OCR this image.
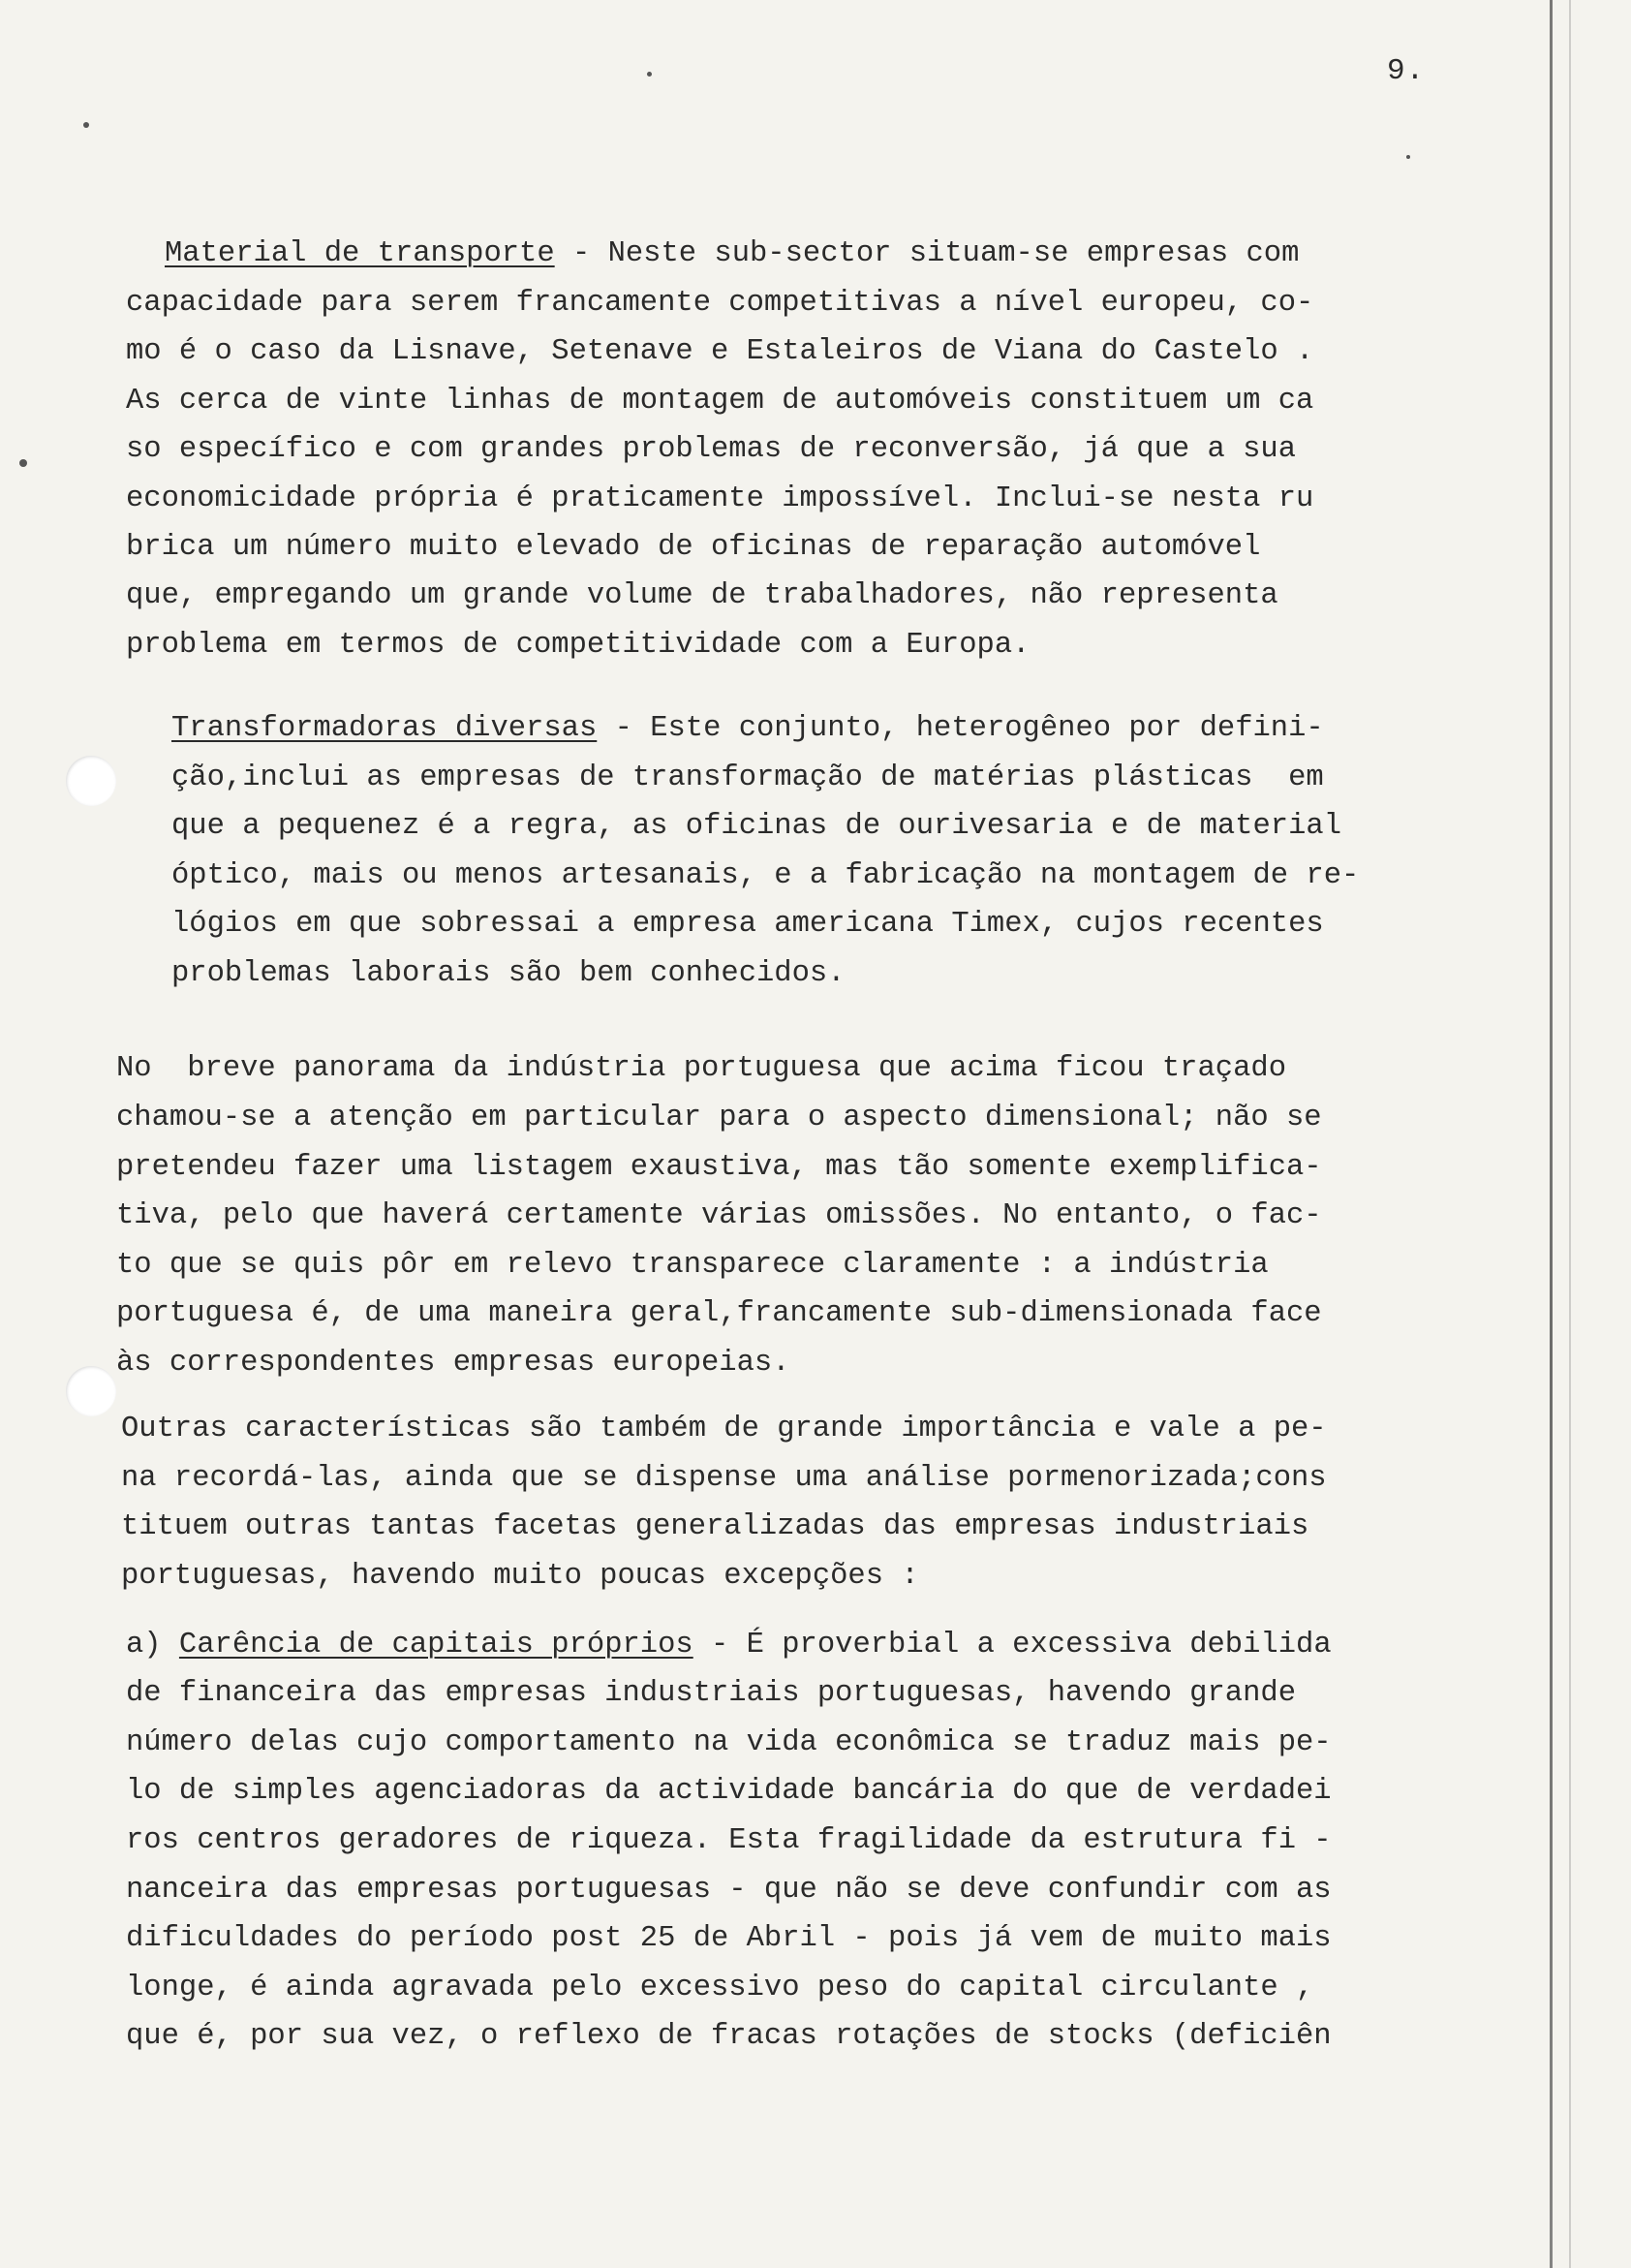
9.
Material de transporte - Neste sub-sector situam-se empresas com
capacidade para serem francamente competitivas a nível europeu, co-
mo é o caso da Lisnave, Setenave e Estaleiros de Viana do Castelo .
As cerca de vinte linhas de montagem de automóveis constituem um ca
so específico e com grandes problemas de reconversão, já que a sua
economicidade própria é praticamente impossível. Inclui-se nesta ru
brica um número muito elevado de oficinas de reparação automóvel
que, empregando um grande volume de trabalhadores, não representa
problema em termos de competitividade com a Europa.
Transformadoras diversas - Este conjunto, heterogêneo por defini-
ção,inclui as empresas de transformação de matérias plásticas  em
que a pequenez é a regra, as oficinas de ourivesaria e de material
óptico, mais ou menos artesanais, e a fabricação na montagem de re-
lógios em que sobressai a empresa americana Timex, cujos recentes
problemas laborais são bem conhecidos.
No  breve panorama da indústria portuguesa que acima ficou traçado
chamou-se a atenção em particular para o aspecto dimensional; não se
pretendeu fazer uma listagem exaustiva, mas tão somente exemplifica-
tiva, pelo que haverá certamente várias omissões. No entanto, o fac-
to que se quis pôr em relevo transparece claramente : a indústria
portuguesa é, de uma maneira geral,francamente sub-dimensionada face
às correspondentes empresas europeias.
Outras características são também de grande importância e vale a pe-
na recordá-las, ainda que se dispense uma análise pormenorizada;cons
tituem outras tantas facetas generalizadas das empresas industriais
portuguesas, havendo muito poucas excepções :
a) Carência de capitais próprios - É proverbial a excessiva debilida
de financeira das empresas industriais portuguesas, havendo grande
número delas cujo comportamento na vida econômica se traduz mais pe-
lo de simples agenciadoras da actividade bancária do que de verdadei
ros centros geradores de riqueza. Esta fragilidade da estrutura fi -
nanceira das empresas portuguesas - que não se deve confundir com as
dificuldades do período post 25 de Abril - pois já vem de muito mais
longe, é ainda agravada pelo excessivo peso do capital circulante ,
que é, por sua vez, o reflexo de fracas rotações de stocks (deficiên
